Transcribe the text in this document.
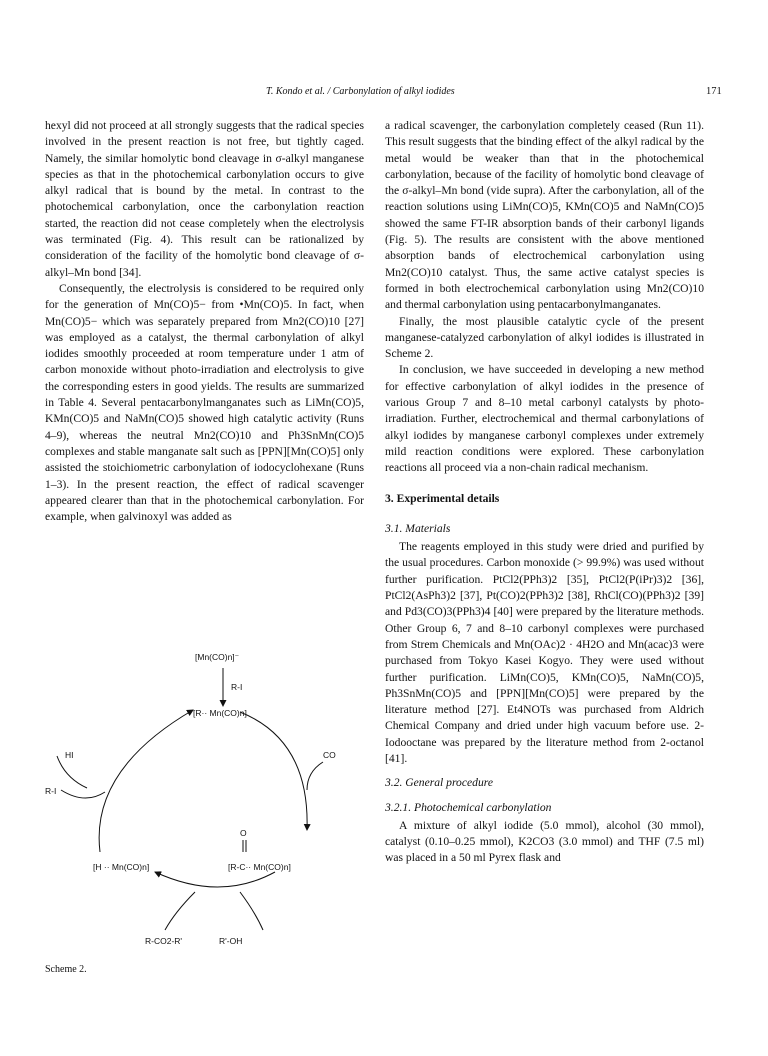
T. Kondo et al. / Carbonylation of alkyl iodides	171

hexyl did not proceed at all strongly suggests that the radical species involved in the present reaction is not free, but tightly caged. Namely, the similar homolytic bond cleavage in σ-alkyl manganese species as that in the photochemical carbonylation occurs to give alkyl radical that is bound by the metal. In contrast to the photochemical carbonylation, once the carbonylation reaction started, the reaction did not cease completely when the electrolysis was terminated (Fig. 4). This result can be rationalized by consideration of the facility of the homolytic bond cleavage of σ-alkyl–Mn bond [34].

Consequently, the electrolysis is considered to be required only for the generation of Mn(CO)5− from •Mn(CO)5. In fact, when Mn(CO)5− which was separately prepared from Mn2(CO)10 [27] was employed as a catalyst, the thermal carbonylation of alkyl iodides smoothly proceeded at room temperature under 1 atm of carbon monoxide without photo-irradiation and electrolysis to give the corresponding esters in good yields. The results are summarized in Table 4. Several pentacarbonylmanganates such as LiMn(CO)5, KMn(CO)5 and NaMn(CO)5 showed high catalytic activity (Runs 4–9), whereas the neutral Mn2(CO)10 and Ph3SnMn(CO)5 complexes and stable manganate salt such as [PPN][Mn(CO)5] only assisted the stoichiometric carbonylation of iodocyclohexane (Runs 1–3). In the present reaction, the effect of radical scavenger appeared clearer than that in the photochemical carbonylation. For example, when galvinoxyl was added as

a radical scavenger, the carbonylation completely ceased (Run 11). This result suggests that the binding effect of the alkyl radical by the metal would be weaker than that in the photochemical carbonylation, because of the facility of homolytic bond cleavage of the σ-alkyl–Mn bond (vide supra). After the carbonylation, all of the reaction solutions using LiMn(CO)5, KMn(CO)5 and NaMn(CO)5 showed the same FT-IR absorption bands of their carbonyl ligands (Fig. 5). The results are consistent with the above mentioned absorption bands of electrochemical carbonylation using Mn2(CO)10 catalyst. Thus, the same active catalyst species is formed in both electrochemical carbonylation using Mn2(CO)10 and thermal carbonylation using pentacarbonylmanganates.

Finally, the most plausible catalytic cycle of the present manganese-catalyzed carbonylation of alkyl iodides is illustrated in Scheme 2.

In conclusion, we have succeeded in developing a new method for effective carbonylation of alkyl iodides in the presence of various Group 7 and 8–10 metal carbonyl catalysts by photo-irradiation. Further, electrochemical and thermal carbonylations of alkyl iodides by manganese carbonyl complexes under extremely mild reaction conditions were explored. These carbonylation reactions all proceed via a non-chain radical mechanism.

3. Experimental details

3.1. Materials

The reagents employed in this study were dried and purified by the usual procedures. Carbon monoxide (> 99.9%) was used without further purification. PtCl2(PPh3)2 [35], PtCl2(P(iPr)3)2 [36], PtCl2(AsPh3)2 [37], Pt(CO)2(PPh3)2 [38], RhCl(CO)(PPh3)2 [39] and Pd3(CO)3(PPh3)4 [40] were prepared by the literature methods. Other Group 6, 7 and 8–10 carbonyl complexes were purchased from Strem Chemicals and Mn(OAc)2 · 4H2O and Mn(acac)3 were purchased from Tokyo Kasei Kogyo. They were used without further purification. LiMn(CO)5, KMn(CO)5, NaMn(CO)5, Ph3SnMn(CO)5 and [PPN][Mn(CO)5] were prepared by the literature method [27]. Et4NOTs was purchased from Aldrich Chemical Company and dried under high vacuum before use. 2-Iodooctane was prepared by the literature method from 2-octanol [41].

3.2. General procedure

3.2.1. Photochemical carbonylation

A mixture of alkyl iodide (5.0 mmol), alcohol (30 mmol), catalyst (0.10–0.25 mmol), K2CO3 (3.0 mmol) and THF (7.5 ml) was placed in a 50 ml Pyrex flask and

[Mn(CO)n]⁻
R-I
[R·· Mn(CO)n]
HI	CO
R-I
[H ·· Mn(CO)n]
O
[R-C·· Mn(CO)n]
R-CO2-R'	R'-OH
Scheme 2.
